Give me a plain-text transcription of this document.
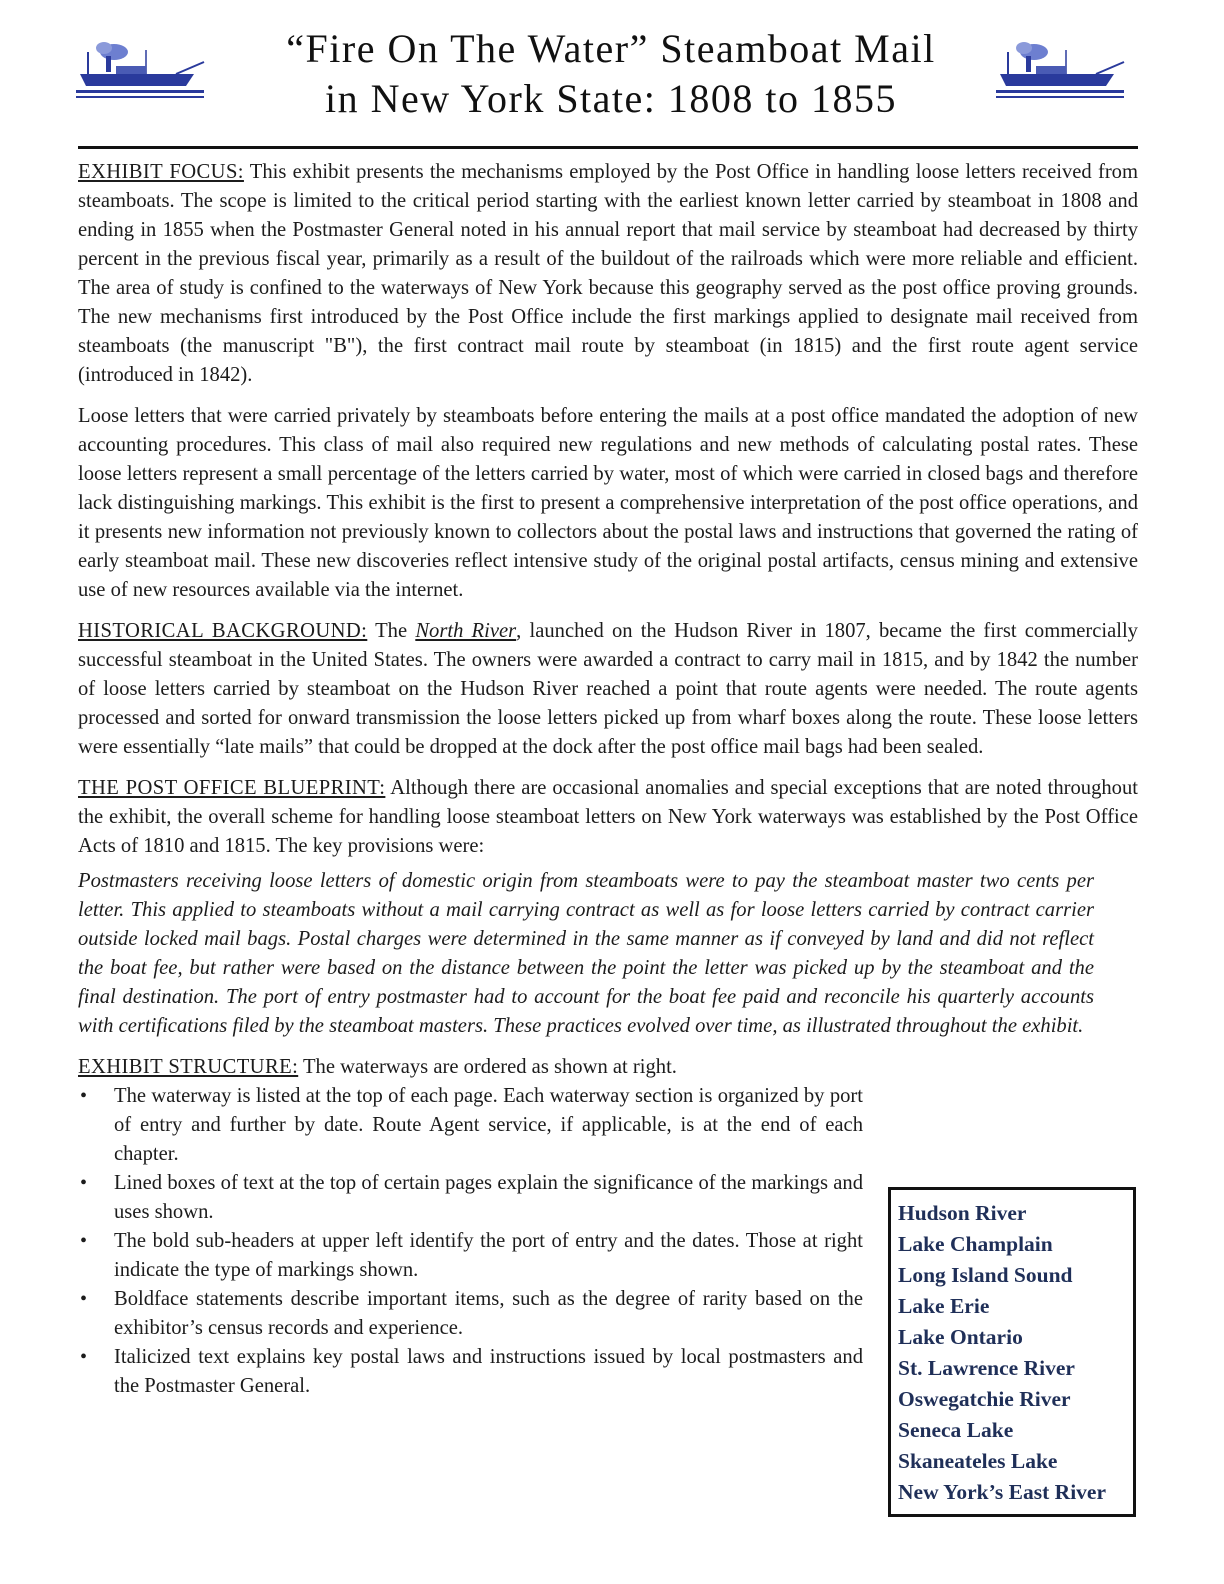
“Fire On The Water” Steamboat Mail
in New York State: 1808 to 1855

EXHIBIT FOCUS: This exhibit presents the mechanisms employed by the Post Office in handling loose letters received from steamboats. The scope is limited to the critical period starting with the earliest known letter carried by steamboat in 1808 and ending in 1855 when the Postmaster General noted in his annual report that mail service by steamboat had decreased by thirty percent in the previous fiscal year, primarily as a result of the buildout of the railroads which were more reliable and efficient. The area of study is confined to the waterways of New York because this geography served as the post office proving grounds. The new mechanisms first introduced by the Post Office include the first markings applied to designate mail received from steamboats (the manuscript "B"), the first contract mail route by steamboat (in 1815) and the first route agent service (introduced in 1842).

Loose letters that were carried privately by steamboats before entering the mails at a post office mandated the adoption of new accounting procedures. This class of mail also required new regulations and new methods of calculating postal rates. These loose letters represent a small percentage of the letters carried by water, most of which were carried in closed bags and therefore lack distinguishing markings. This exhibit is the first to present a comprehensive interpretation of the post office operations, and it presents new information not previously known to collectors about the postal laws and instructions that governed the rating of early steamboat mail. These new discoveries reflect intensive study of the original postal artifacts, census mining and extensive use of new resources available via the internet.

HISTORICAL BACKGROUND: The North River, launched on the Hudson River in 1807, became the first commercially successful steamboat in the United States. The owners were awarded a contract to carry mail in 1815, and by 1842 the number of loose letters carried by steamboat on the Hudson River reached a point that route agents were needed. The route agents processed and sorted for onward transmission the loose letters picked up from wharf boxes along the route. These loose letters were essentially “late mails” that could be dropped at the dock after the post office mail bags had been sealed.

THE POST OFFICE BLUEPRINT: Although there are occasional anomalies and special exceptions that are noted throughout the exhibit, the overall scheme for handling loose steamboat letters on New York waterways was established by the Post Office Acts of 1810 and 1815. The key provisions were:

Postmasters receiving loose letters of domestic origin from steamboats were to pay the steamboat master two cents per letter. This applied to steamboats without a mail carrying contract as well as for loose letters carried by contract carrier outside locked mail bags. Postal charges were determined in the same manner as if conveyed by land and did not reflect the boat fee, but rather were based on the distance between the point the letter was picked up by the steamboat and the final destination. The port of entry postmaster had to account for the boat fee paid and reconcile his quarterly accounts with certifications filed by the steamboat masters. These practices evolved over time, as illustrated throughout the exhibit.

EXHIBIT STRUCTURE: The waterways are ordered as shown at right.

• The waterway is listed at the top of each page. Each waterway section is organized by port of entry and further by date. Route Agent service, if applicable, is at the end of each chapter.
• Lined boxes of text at the top of certain pages explain the significance of the markings and uses shown.
• The bold sub-headers at upper left identify the port of entry and the dates. Those at right indicate the type of markings shown.
• Boldface statements describe important items, such as the degree of rarity based on the exhibitor’s census records and experience.
• Italicized text explains key postal laws and instructions issued by local postmasters and the Postmaster General.
Hudson River
Lake Champlain
Long Island Sound
Lake Erie
Lake Ontario
St. Lawrence River
Oswegatchie River
Seneca Lake
Skaneateles Lake
New York’s East River
